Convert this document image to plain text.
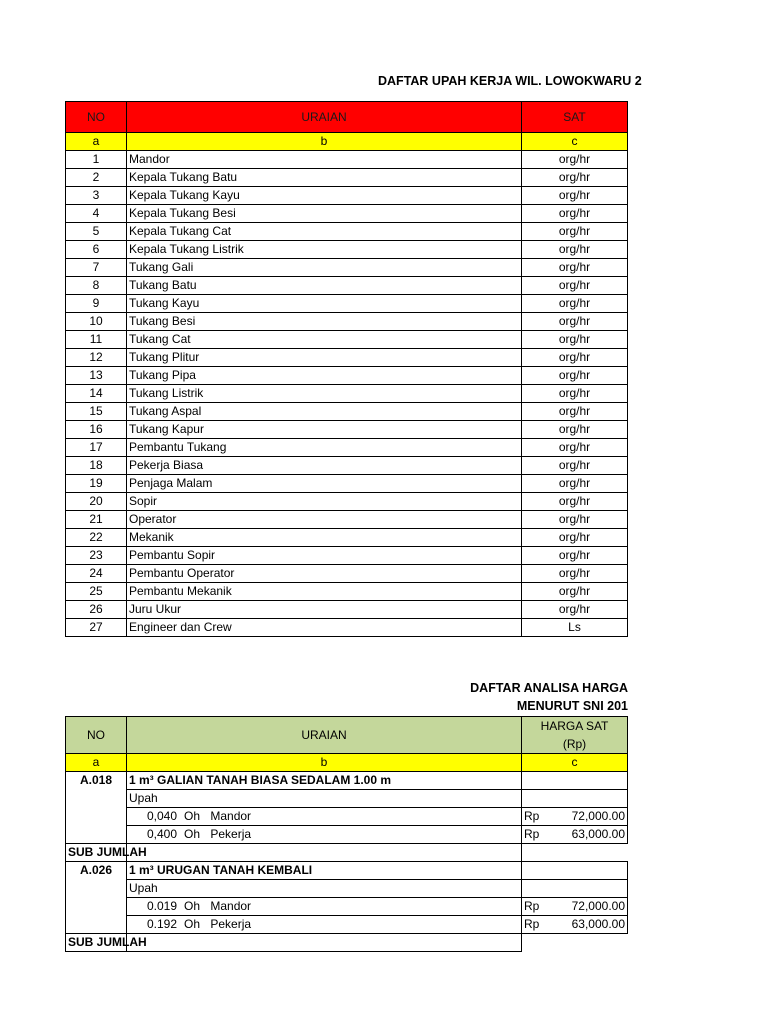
DAFTAR UPAH KERJA WIL. LOWOKWARU 2
NO	URAIAN	SAT
a	b	c
1	Mandor	org/hr
2	Kepala Tukang Batu	org/hr
3	Kepala Tukang Kayu	org/hr
4	Kepala Tukang Besi	org/hr
5	Kepala Tukang Cat	org/hr
6	Kepala Tukang Listrik	org/hr
7	Tukang Gali	org/hr
8	Tukang Batu	org/hr
9	Tukang Kayu	org/hr
10	Tukang Besi	org/hr
11	Tukang Cat	org/hr
12	Tukang Plitur	org/hr
13	Tukang Pipa	org/hr
14	Tukang Listrik	org/hr
15	Tukang Aspal	org/hr
16	Tukang Kapur	org/hr
17	Pembantu Tukang	org/hr
18	Pekerja Biasa	org/hr
19	Penjaga Malam	org/hr
20	Sopir	org/hr
21	Operator	org/hr
22	Mekanik	org/hr
23	Pembantu Sopir	org/hr
24	Pembantu Operator	org/hr
25	Pembantu Mekanik	org/hr
26	Juru Ukur	org/hr
27	Engineer dan Crew	Ls
DAFTAR ANALISA HARGA
MENURUT SNI 201
NO	URAIAN	HARGA SAT
(Rp)

a	b	c
A.018	1 m³ GALIAN TANAH BIASA SEDALAM 1.00 m	
	Upah	
	0,040 Oh Mandor	Rp 72,000.00

	0,400 Oh Pekerja	Rp 63,000.00

SUB JUMLAH		
A.026	1 m³ URUGAN TANAH KEMBALI	
	Upah	
	0.019 Oh Mandor	Rp 72,000.00

	0.192 Oh Pekerja	Rp 63,000.00

SUB JUMLAH		
